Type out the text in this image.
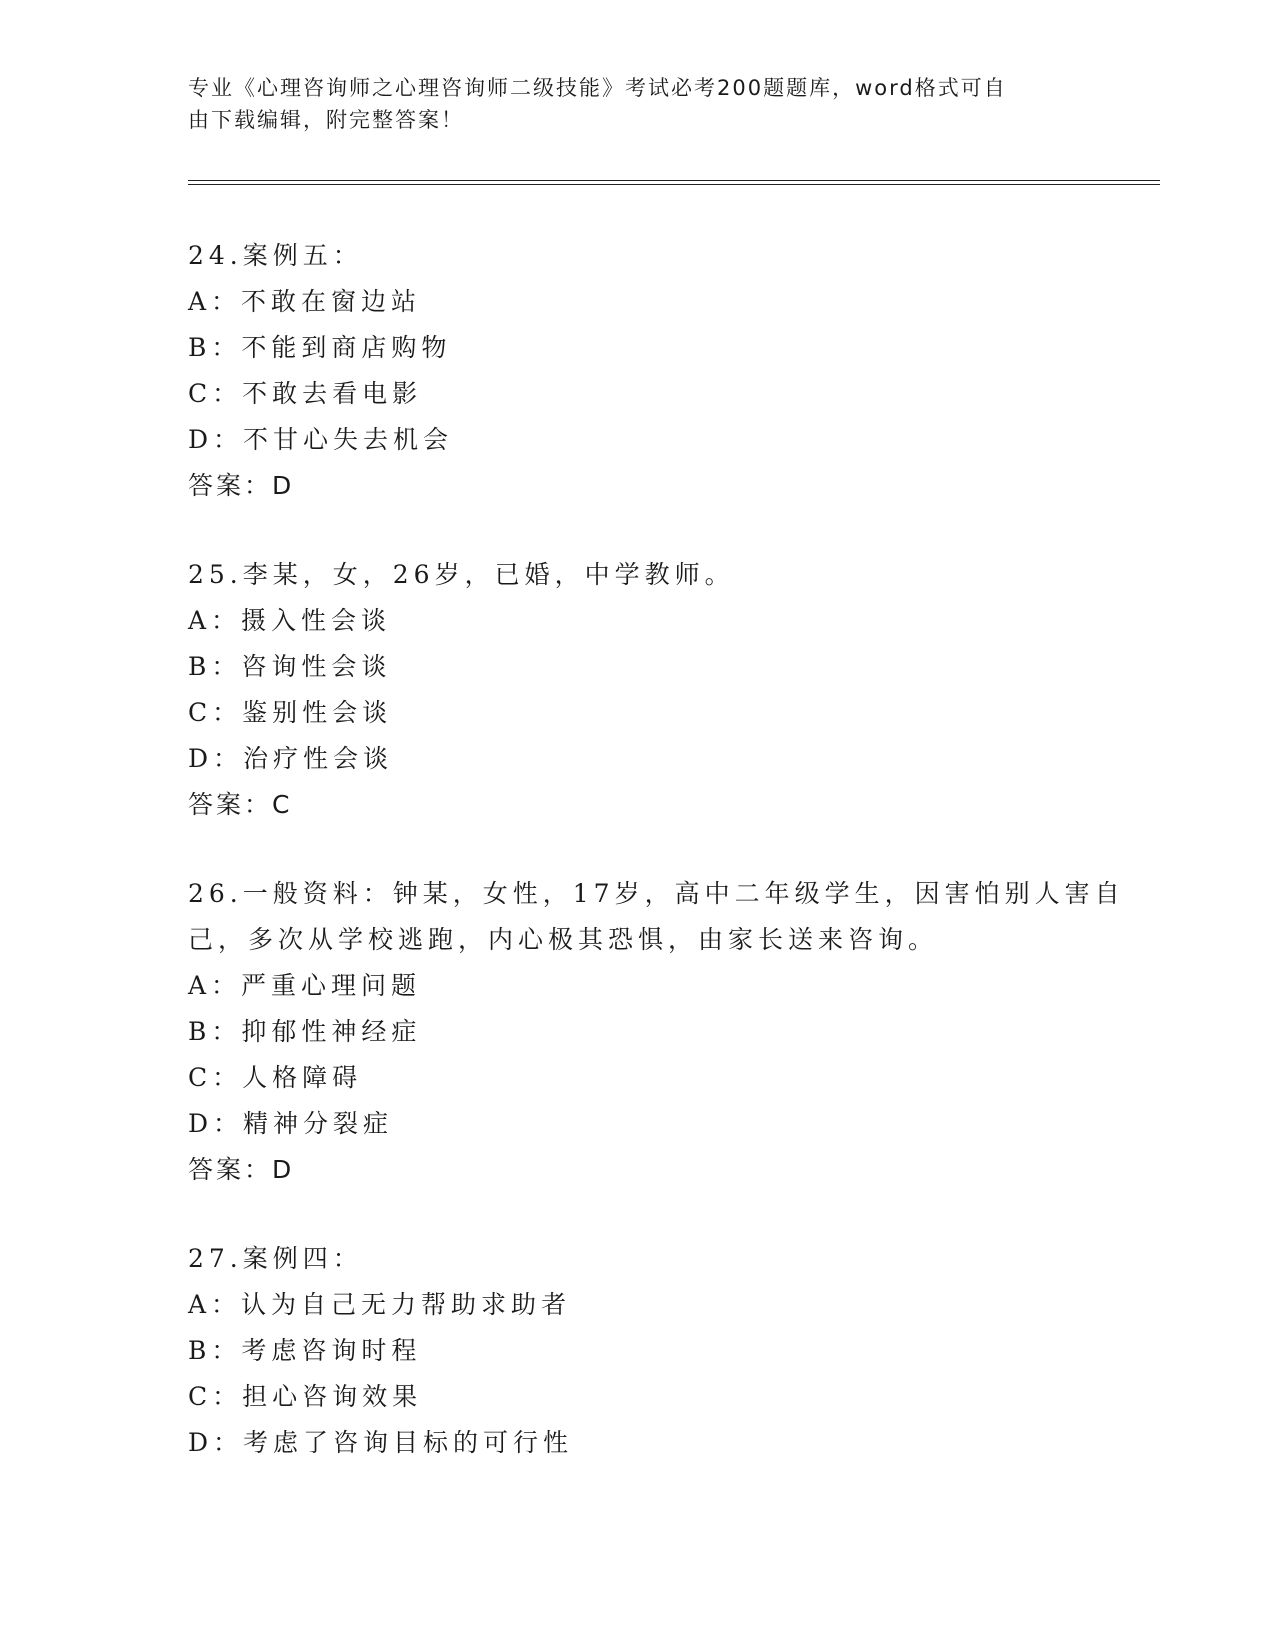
专业《心理咨询师之心理咨询师二级技能》考试必考200题题库，word格式可自
由下载编辑，附完整答案！
24.案例五：
A：不敢在窗边站
B：不能到商店购物
C：不敢去看电影
D：不甘心失去机会
答案：D
25.李某，女，26岁，已婚，中学教师。
A：摄入性会谈
B：咨询性会谈
C：鉴别性会谈
D：治疗性会谈
答案：C
26.一般资料：钟某，女性，17岁，高中二年级学生，因害怕别人害自
己，多次从学校逃跑，内心极其恐惧，由家长送来咨询。
A：严重心理问题
B：抑郁性神经症
C：人格障碍
D：精神分裂症
答案：D
27.案例四：
A：认为自己无力帮助求助者
B：考虑咨询时程
C：担心咨询效果
D：考虑了咨询目标的可行性
